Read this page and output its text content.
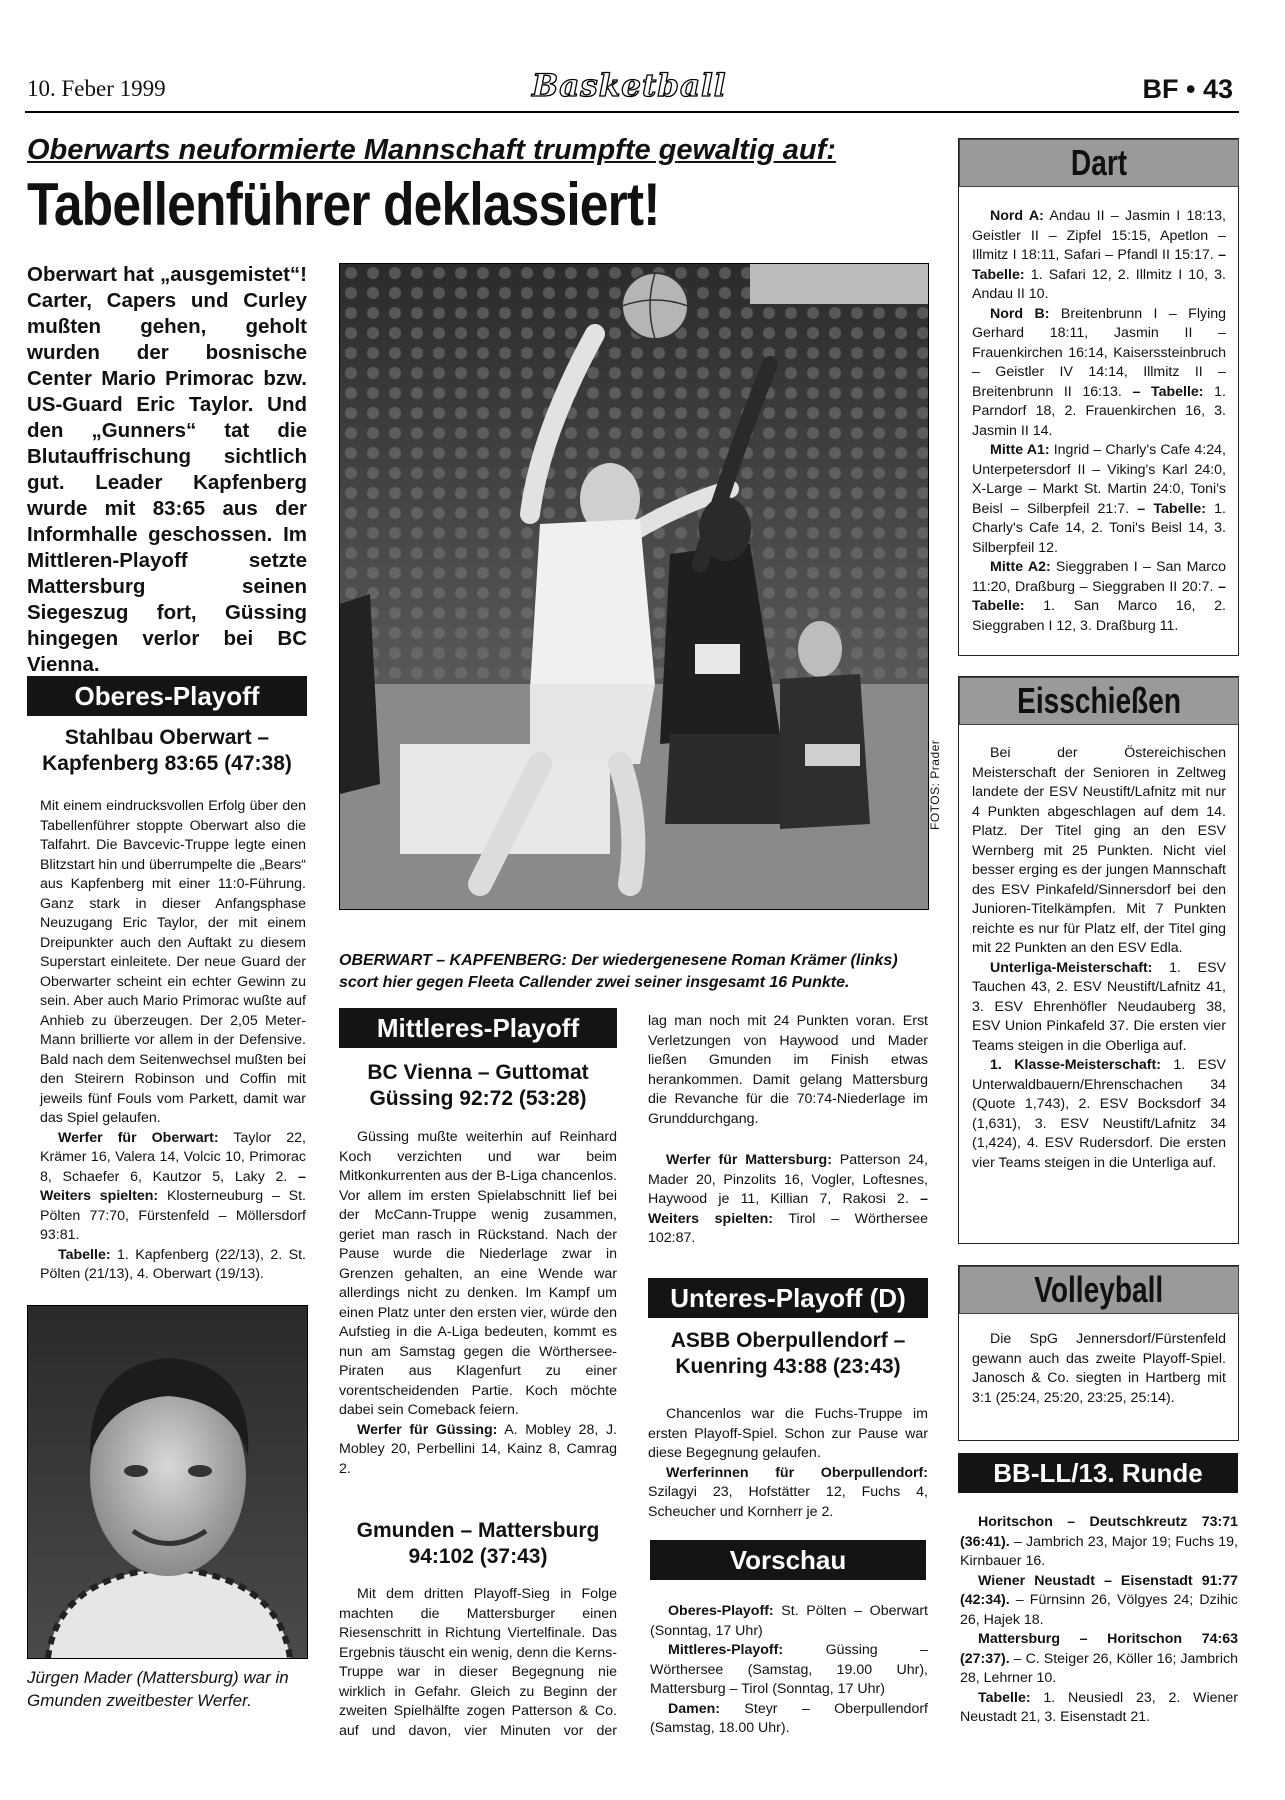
10. Feber 1999	Basketball	BF • 43
Oberwarts neuformierte Mannschaft trumpfte gewaltig auf:
Tabellenführer deklassiert!
Oberwart hat „ausgemistet“! Carter, Capers und Curley mußten gehen, geholt wurden der bosnische Center Mario Primorac bzw. US-Guard Eric Taylor. Und den „Gunners“ tat die Blutauffrischung sichtlich gut. Leader Kapfenberg wurde mit 83:65 aus der Informhalle geschossen. Im Mittleren-Playoff setzte Mattersburg seinen Siegeszug fort, Güssing hingegen verlor bei BC Vienna.
Oberes-Playoff
Stahlbau Oberwart – Kapfenberg 83:65 (47:38)

Mit einem eindrucksvollen Erfolg über den Tabellenführer stoppte Oberwart also die Talfahrt. Die Bavcevic-Truppe legte einen Blitzstart hin und überrumpelte die „Bears“ aus Kapfenberg mit einer 11:0-Führung. Ganz stark in dieser Anfangsphase Neuzugang Eric Taylor, der mit einem Dreipunkter auch den Auftakt zu diesem Superstart einleitete. Der neue Guard der Oberwarter scheint ein echter Gewinn zu sein. Aber auch Mario Primorac wußte auf Anhieb zu überzeugen. Der 2,05 Meter-Mann brillierte vor allem in der Defensive. Bald nach dem Seitenwechsel mußten bei den Steirern Robinson und Coffin mit jeweils fünf Fouls vom Parkett, damit war das Spiel gelaufen.

Werfer für Oberwart: Taylor 22, Krämer 16, Valera 14, Volcic 10, Primorac 8, Schaefer 6, Kautzor 5, Laky 2. – Weiters spielten: Klosterneuburg – St. Pölten 77:70, Fürstenfeld – Möllersdorf 93:81.

Tabelle: 1. Kapfenberg (22/13), 2. St. Pölten (21/13), 4. Oberwart (19/13).

Jürgen Mader (Mattersburg) war in Gmunden zweitbester Werfer.
FOTOS: Prader
OBERWART – KAPFENBERG: Der wiedergenesene Roman Krämer (links) scort hier gegen Fleeta Callender zwei seiner insgesamt 16 Punkte.
Mittleres-Playoff
BC Vienna – Guttomat Güssing 92:72 (53:28)

Güssing mußte weiterhin auf Reinhard Koch verzichten und war beim Mitkonkurrenten aus der B-Liga chancenlos. Vor allem im ersten Spielabschnitt lief bei der McCann-Truppe wenig zusammen, geriet man rasch in Rückstand. Nach der Pause wurde die Niederlage zwar in Grenzen gehalten, an eine Wende war allerdings nicht zu denken. Im Kampf um einen Platz unter den ersten vier, würde den Aufstieg in die A-Liga bedeuten, kommt es nun am Samstag gegen die Wörthersee-Piraten aus Klagenfurt zu einer vorentscheidenden Partie. Koch möchte dabei sein Comeback feiern.

Werfer für Güssing: A. Mobley 28, J. Mobley 20, Perbellini 14, Kainz 8, Camrag 2.

Gmunden – Mattersburg 94:102 (37:43)

Mit dem dritten Playoff-Sieg in Folge machten die Mattersburger einen Riesenschritt in Richtung Viertelfinale. Das Ergebnis täuscht ein wenig, denn die Kerns-Truppe war in dieser Begegnung nie wirklich in Gefahr. Gleich zu Beginn der zweiten Spielhälfte zogen Patterson & Co. auf und davon, vier Minuten vor der

lag man noch mit 24 Punkten voran. Erst Verletzungen von Haywood und Mader ließen Gmunden im Finish etwas herankommen. Damit gelang Mattersburg die Revanche für die 70:74-Niederlage im Grunddurchgang.

Werfer für Mattersburg: Patterson 24, Mader 20, Pinzolits 16, Vogler, Loftesnes, Haywood je 11, Killian 7, Rakosi 2. – Weiters spielten: Tirol – Wörthersee 102:87.

Unteres-Playoff (D)
ASBB Oberpullendorf – Kuenring 43:88 (23:43)

Chancenlos war die Fuchs-Truppe im ersten Playoff-Spiel. Schon zur Pause war diese Begegnung gelaufen.

Werferinnen für Oberpullendorf: Szilagyi 23, Hofstätter 12, Fuchs 4, Scheucher und Kornherr je 2.

Vorschau

Oberes-Playoff: St. Pölten – Oberwart (Sonntag, 17 Uhr)

Mittleres-Playoff: Güssing – Wörthersee (Samstag, 19.00 Uhr), Mattersburg – Tirol (Sonntag, 17 Uhr)

Damen: Steyr – Oberpullendorf (Samstag, 18.00 Uhr).

Dart

Nord A: Andau II – Jasmin I 18:13, Geistler II – Zipfel 15:15, Apetlon – Illmitz I 18:11, Safari – Pfandl II 15:17. – Tabelle: 1. Safari 12, 2. Illmitz I 10, 3. Andau II 10.

Nord B: Breitenbrunn I – Flying Gerhard 18:11, Jasmin II – Frauenkirchen 16:14, Kaiserssteinbruch – Geistler IV 14:14, Illmitz II – Breitenbrunn II 16:13. – Tabelle: 1. Parndorf 18, 2. Frauenkirchen 16, 3. Jasmin II 14.

Mitte A1: Ingrid – Charly's Cafe 4:24, Unterpetersdorf II – Viking's Karl 24:0, X-Large – Markt St. Martin 24:0, Toni's Beisl – Silberpfeil 21:7. – Tabelle: 1. Charly's Cafe 14, 2. Toni's Beisl 14, 3. Silberpfeil 12.

Mitte A2: Sieggraben I – San Marco 11:20, Draßburg – Sieggraben II 20:7. – Tabelle: 1. San Marco 16, 2. Sieggraben I 12, 3. Draßburg 11.

Eisschießen

Bei der Östereichischen Meisterschaft der Senioren in Zeltweg landete der ESV Neustift/Lafnitz mit nur 4 Punkten abgeschlagen auf dem 14. Platz. Der Titel ging an den ESV Wernberg mit 25 Punkten. Nicht viel besser erging es der jungen Mannschaft des ESV Pinkafeld/Sinnersdorf bei den Junioren-Titelkämpfen. Mit 7 Punkten reichte es nur für Platz elf, der Titel ging mit 22 Punkten an den ESV Edla.

Unterliga-Meisterschaft: 1. ESV Tauchen 43, 2. ESV Neustift/Lafnitz 41, 3. ESV Ehrenhöfler Neudauberg 38, ESV Union Pinkafeld 37. Die ersten vier Teams steigen in die Oberliga auf.

1. Klasse-Meisterschaft: 1. ESV Unterwaldbauern/Ehrenschachen 34 (Quote 1,743), 2. ESV Bocksdorf 34 (1,631), 3. ESV Neustift/Lafnitz 34 (1,424), 4. ESV Rudersdorf. Die ersten vier Teams steigen in die Unterliga auf.

Volleyball

Die SpG Jennersdorf/Fürstenfeld gewann auch das zweite Playoff-Spiel. Janosch & Co. siegten in Hartberg mit 3:1 (25:24, 25:20, 23:25, 25:14).

BB-LL/13. Runde

Horitschon – Deutschkreutz 73:71 (36:41). – Jambrich 23, Major 19; Fuchs 19, Kirnbauer 16.

Wiener Neustadt – Eisenstadt 91:77 (42:34). – Fürnsinn 26, Völgyes 24; Dzihic 26, Hajek 18.

Mattersburg – Horitschon 74:63 (27:37). – C. Steiger 26, Köller 16; Jambrich 28, Lehrner 10.

Tabelle: 1. Neusiedl 23, 2. Wiener Neustadt 21, 3. Eisenstadt 21.
